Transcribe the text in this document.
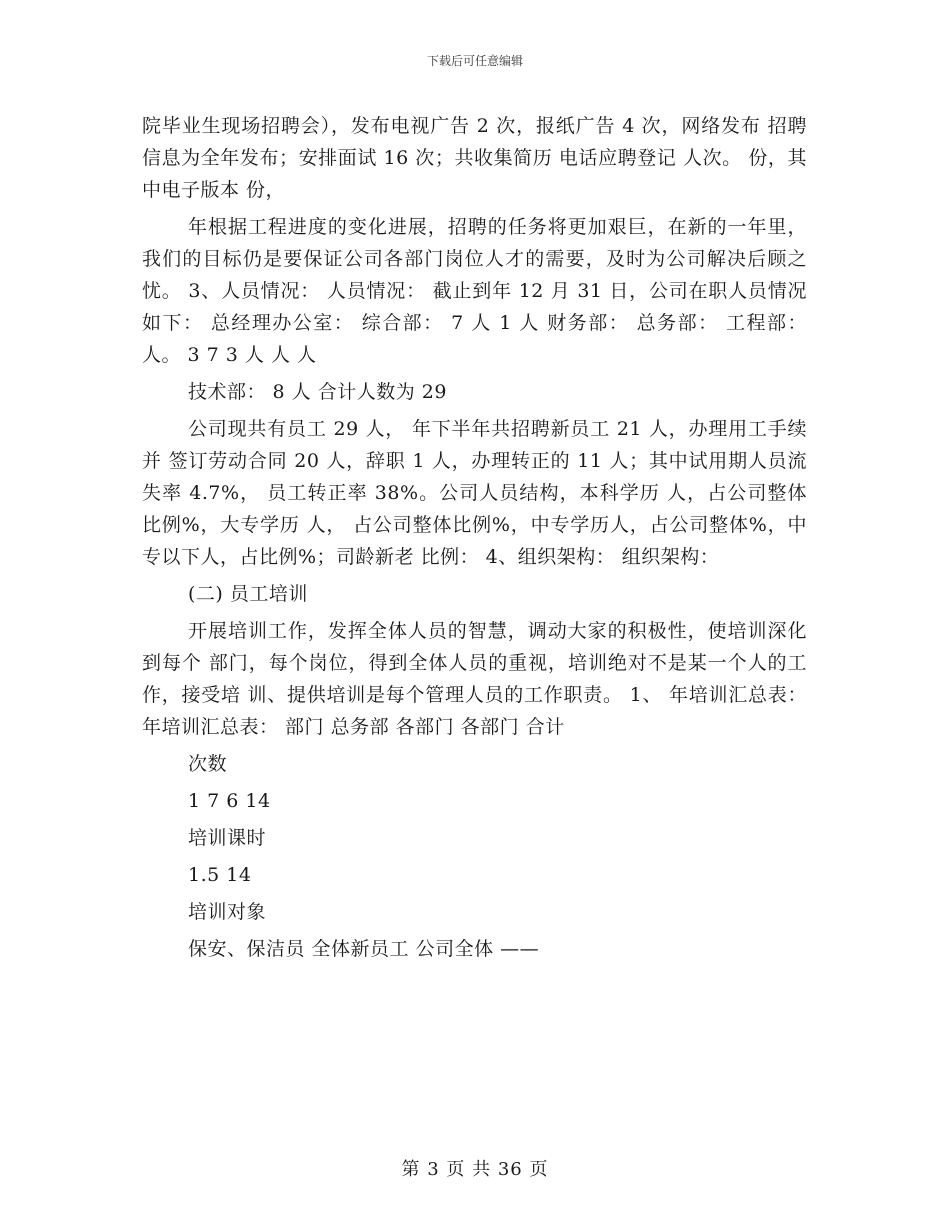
下载后可任意编辑

院毕业生现场招聘会），发布电视广告 2 次，报纸广告 4 次，网络发布 招聘信息为全年发布；安排面试 16 次；共收集简历 电话应聘登记 人次。 份，其中电子版本 份，

年根据工程进度的变化进展，招聘的任务将更加艰巨，在新的一年里， 我们的目标仍是要保证公司各部门岗位人才的需要，及时为公司解决后顾之忧。 3、人员情况： 人员情况： 截止到年 12 月 31 日，公司在职人员情况如下： 总经理办公室： 综合部： 7 人 1 人 财务部： 总务部： 工程部： 人。 3 7 3 人 人 人

技术部： 8 人 合计人数为 29

公司现共有员工 29 人， 年下半年共招聘新员工 21 人，办理用工手续并 签订劳动合同 20 人，辞职 1 人，办理转正的 11 人；其中试用期人员流失率 4.7%， 员工转正率 38%。公司人员结构，本科学历 人，占公司整体比例%，大专学历 人， 占公司整体比例%，中专学历人，占公司整体%，中专以下人，占比例%；司龄新老 比例： 4、组织架构： 组织架构：

(二) 员工培训

开展培训工作，发挥全体人员的智慧，调动大家的积极性，使培训深化到每个 部门，每个岗位，得到全体人员的重视，培训绝对不是某一个人的工作，接受培 训、提供培训是每个管理人员的工作职责。 1、 年培训汇总表：年培训汇总表： 部门 总务部 各部门 各部门 合计

次数
1 7 6 14
培训课时
1.5 14
培训对象
保安、保洁员 全体新员工 公司全体 ——
第 3 页 共 36 页
